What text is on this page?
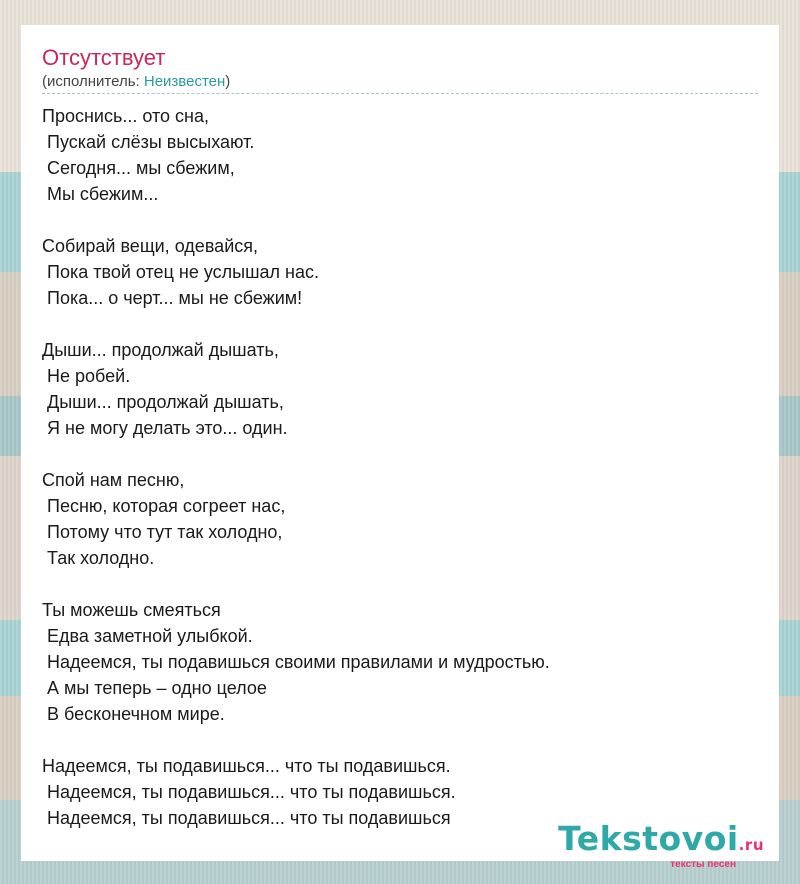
Отсутствует
(исполнитель: Неизвестен)
Проснись... ото сна,
Пускай слёзы высыхают.
Сегодня... мы сбежим,
Мы сбежим...
Собирай вещи, одевайся,
Пока твой отец не услышал нас.
Пока... о черт... мы не сбежим!
Дыши... продолжай дышать,
Не робей.
Дыши... продолжай дышать,
Я не могу делать это... один.
Спой нам песню,
Песню, которая согреет нас,
Потому что тут так холодно,
Так холодно.
Ты можешь смеяться
Едва заметной улыбкой.
Надеемся, ты подавишься своими правилами и мудростью.
А мы теперь – одно целое
В бесконечном мире.
Надеемся, ты подавишься... что ты подавишься.
Надеемся, ты подавишься... что ты подавишься.
Надеемся, ты подавишься... что ты подавишься
Tekstovoi.ru
тексты песен
